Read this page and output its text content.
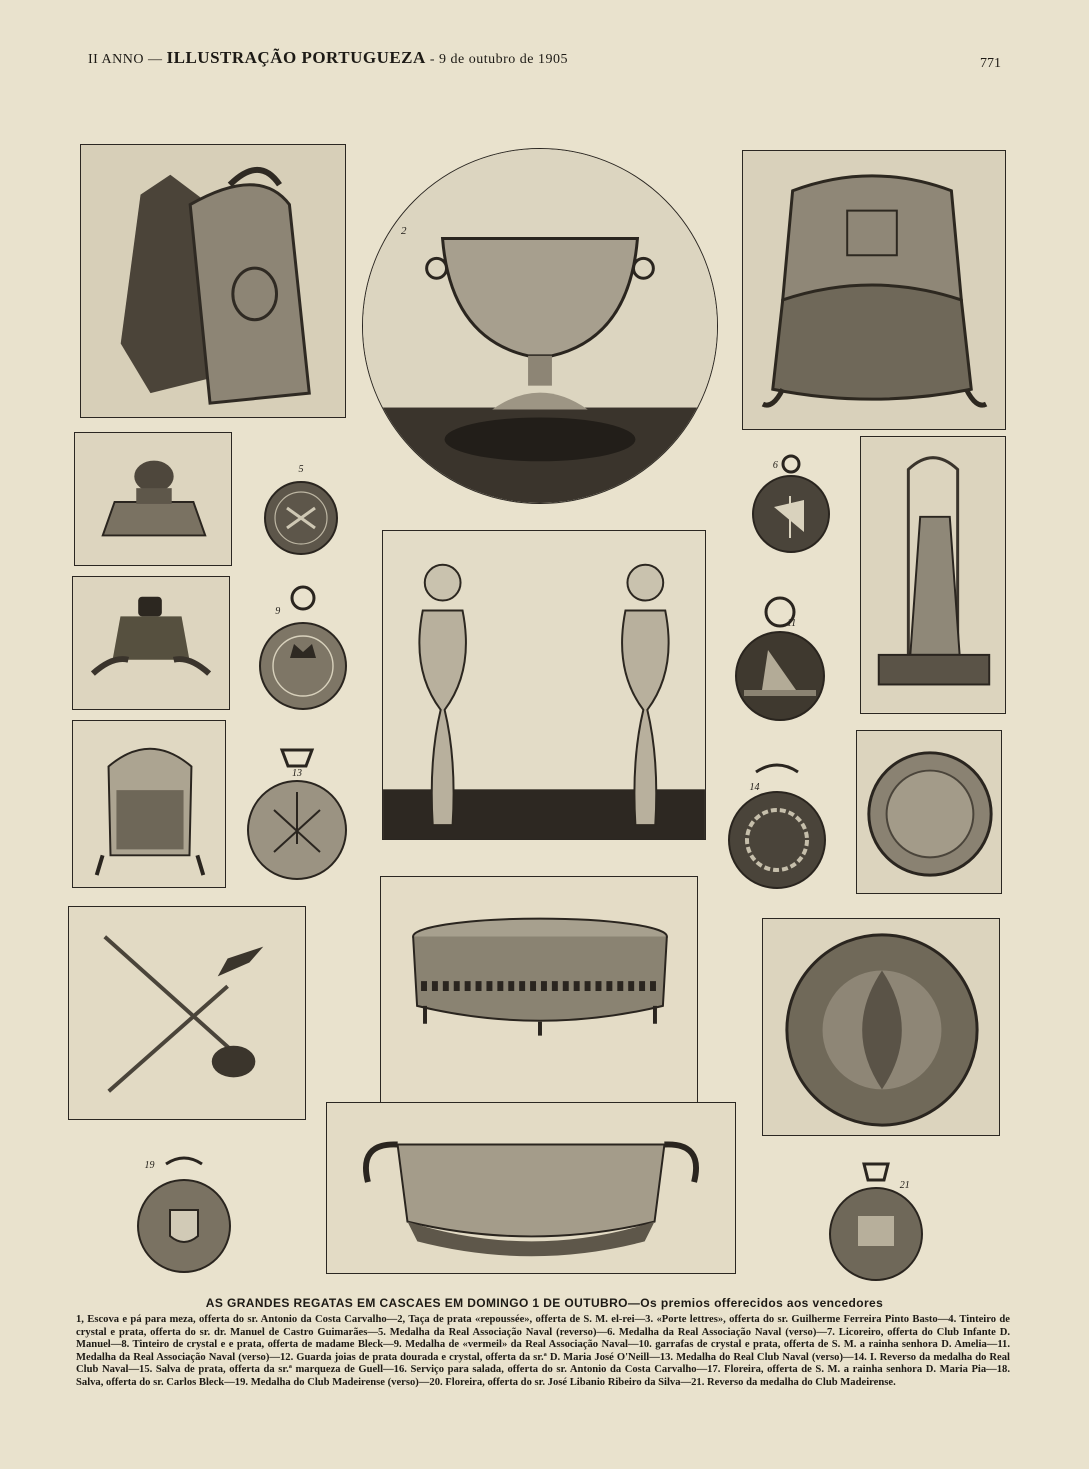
II ANNO — ILLUSTRAÇÃO PORTUGUEZA - 9 de outubro de 1905	771
2
5	6
9
11
13
14
19
21
AS GRANDES REGATAS EM CASCAES EM DOMINGO 1 DE OUTUBRO—Os premios offerecidos aos vencedores
1, Escova e pá para meza, offerta do sr. Antonio da Costa Carvalho—2, Taça de prata «repoussée», offerta de S. M. el-rei—3. «Porte lettres», offerta do sr. Guilherme Ferreira Pinto Basto—4. Tinteiro de crystal e prata, offerta do sr. dr. Manuel de Castro Guimarães—5. Medalha da Real Associação Naval (reverso)—6. Medalha da Real Associação Naval (verso)—7. Licoreiro, offerta do Club Infante D. Manuel—8. Tinteiro de crystal e e prata, offerta de madame Bleck—9. Medalha de «vermeil» da Real Associação Naval—10. garrafas de crystal e prata, offerta de S. M. a rainha senhora D. Amelia—11. Medalha da Real Associação Naval (verso)—12. Guarda joias de prata dourada e crystal, offerta da sr.ª D. Maria José O'Neill—13. Medalha do Real Club Naval (verso)—14. I. Reverso da medalha do Real Club Naval—15. Salva de prata, offerta da sr.ª marqueza de Guell—16. Serviço para salada, offerta do sr. Antonio da Costa Carvalho—17. Floreira, offerta de S. M. a rainha senhora D. Maria Pia—18. Salva, offerta do sr. Carlos Bleck—19. Medalha do Club Madeirense (verso)—20. Floreira, offerta do sr. José Libanio Ribeiro da Silva—21. Reverso da medalha do Club Madeirense.
